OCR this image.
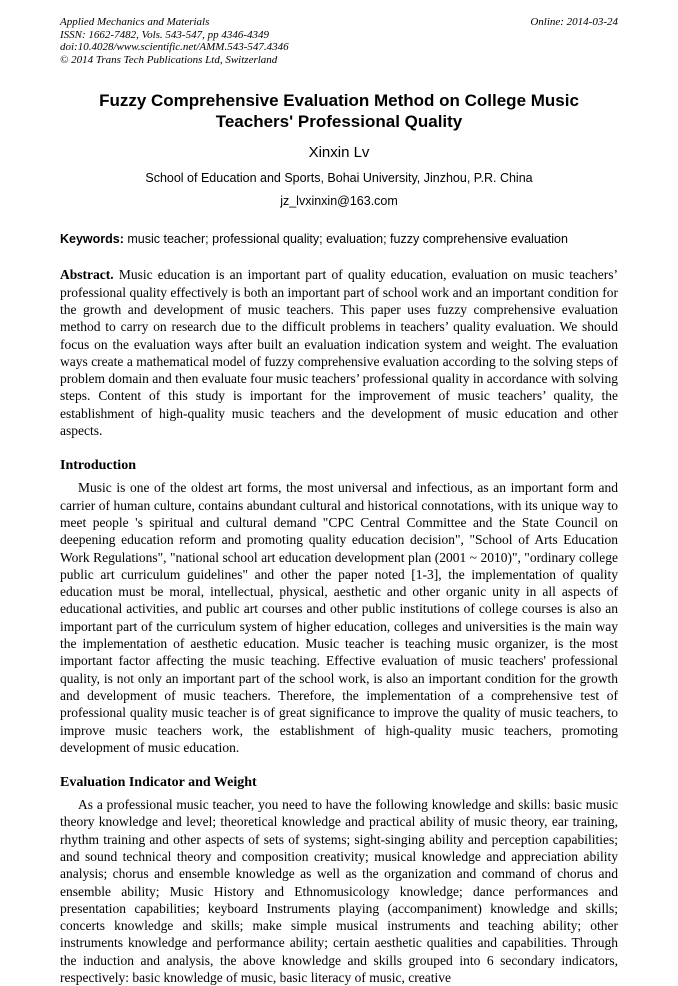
Applied Mechanics and Materials
ISSN: 1662-7482, Vols. 543-547, pp 4346-4349
doi:10.4028/www.scientific.net/AMM.543-547.4346
© 2014 Trans Tech Publications Ltd, Switzerland
Online: 2014-03-24
Fuzzy Comprehensive Evaluation Method on College Music Teachers' Professional Quality
Xinxin Lv
School of Education and Sports, Bohai University, Jinzhou, P.R. China
jz_lvxinxin@163.com
Keywords: music teacher; professional quality; evaluation; fuzzy comprehensive evaluation
Abstract. Music education is an important part of quality education, evaluation on music teachers’ professional quality effectively is both an important part of school work and an important condition for the growth and development of music teachers. This paper uses fuzzy comprehensive evaluation method to carry on research due to the difficult problems in teachers’ quality evaluation. We should focus on the evaluation ways after built an evaluation indication system and weight. The evaluation ways create a mathematical model of fuzzy comprehensive evaluation according to the solving steps of problem domain and then evaluate four music teachers’ professional quality in accordance with solving steps. Content of this study is important for the improvement of music teachers’ quality, the establishment of high-quality music teachers and the development of music education and other aspects.
Introduction
Music is one of the oldest art forms, the most universal and infectious, as an important form and carrier of human culture, contains abundant cultural and historical connotations, with its unique way to meet people 's spiritual and cultural demand "CPC Central Committee and the State Council on deepening education reform and promoting quality education decision", "School of Arts Education Work Regulations", "national school art education development plan (2001 ~ 2010)", "ordinary college public art curriculum guidelines" and other the paper noted [1-3], the implementation of quality education must be moral, intellectual, physical, aesthetic and other organic unity in all aspects of educational activities, and public art courses and other public institutions of college courses is also an important part of the curriculum system of higher education, colleges and universities is the main way the implementation of aesthetic education. Music teacher is teaching music organizer, is the most important factor affecting the music teaching. Effective evaluation of music teachers' professional quality, is not only an important part of the school work, is also an important condition for the growth and development of music teachers. Therefore, the implementation of a comprehensive test of professional quality music teacher is of great significance to improve the quality of music teachers, to improve music teachers work, the establishment of high-quality music teachers, promoting development of music education.
Evaluation Indicator and Weight
As a professional music teacher, you need to have the following knowledge and skills: basic music theory knowledge and level; theoretical knowledge and practical ability of music theory, ear training, rhythm training and other aspects of sets of systems; sight-singing ability and perception capabilities; and sound technical theory and composition creativity; musical knowledge and appreciation ability analysis; chorus and ensemble knowledge as well as the organization and command of chorus and ensemble ability; Music History and Ethnomusicology knowledge; dance performances and presentation capabilities; keyboard Instruments playing (accompaniment) knowledge and skills; concerts knowledge and skills; make simple musical instruments and teaching ability; other instruments knowledge and performance ability; certain aesthetic qualities and capabilities. Through the induction and analysis, the above knowledge and skills grouped into 6 secondary indicators, respectively: basic knowledge of music, basic literacy of music, creative
